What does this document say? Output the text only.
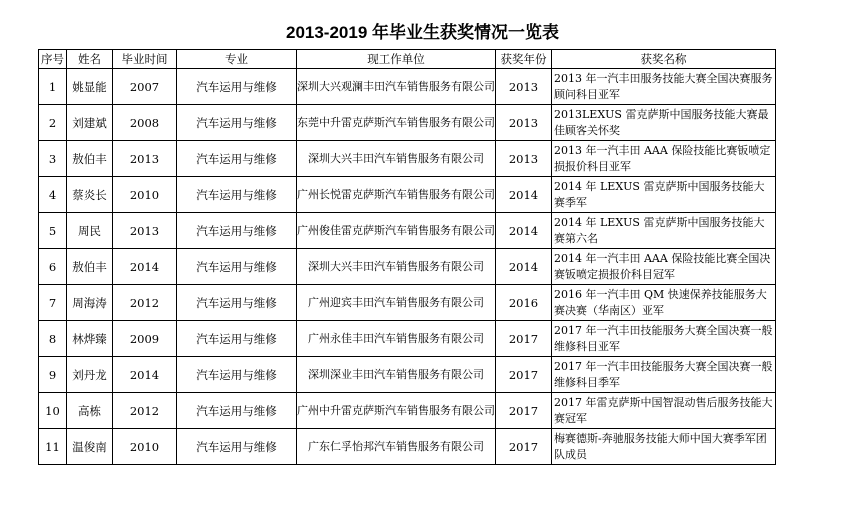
2013-2019 年毕业生获奖情况一览表
序号	姓名	毕业时间	专业	现工作单位	获奖年份	获奖名称
1	姚显能	2007	汽车运用与维修	深圳大兴观澜丰田汽车销售服务有限公司	2013	2013 年一汽丰田服务技能大赛全国决赛服务顾问科目亚军
2	刘建斌	2008	汽车运用与维修	东莞中升雷克萨斯汽车销售服务有限公司	2013	2013LEXUS 雷克萨斯中国服务技能大赛最佳顾客关怀奖
3	敖伯丰	2013	汽车运用与维修	深圳大兴丰田汽车销售服务有限公司	2013	2013 年一汽丰田 AAA 保险技能比赛钣喷定损报价科目亚军
4	蔡炎长	2010	汽车运用与维修	广州长悦雷克萨斯汽车销售服务有限公司	2014	2014 年 LEXUS 雷克萨斯中国服务技能大赛季军
5	周民	2013	汽车运用与维修	广州俊佳雷克萨斯汽车销售服务有限公司	2014	2014 年 LEXUS 雷克萨斯中国服务技能大赛第六名
6	敖伯丰	2014	汽车运用与维修	深圳大兴丰田汽车销售服务有限公司	2014	2014 年一汽丰田 AAA 保险技能比赛全国决赛钣喷定损报价科目冠军
7	周海涛	2012	汽车运用与维修	广州迎宾丰田汽车销售服务有限公司	2016	2016 年一汽丰田 QM 快速保养技能服务大赛决赛（华南区）亚军
8	林烨臻	2009	汽车运用与维修	广州永佳丰田汽车销售服务有限公司	2017	2017 年一汽丰田技能服务大赛全国决赛一般维修科目亚军
9	刘丹龙	2014	汽车运用与维修	深圳深业丰田汽车销售服务有限公司	2017	2017 年一汽丰田技能服务大赛全国决赛一般维修科目季军
10	高栋	2012	汽车运用与维修	广州中升雷克萨斯汽车销售服务有限公司	2017	2017 年雷克萨斯中国智混动售后服务技能大赛冠军
11	温俊南	2010	汽车运用与维修	广东仁孚怡邦汽车销售服务有限公司	2017	梅赛德斯-奔驰服务技能大师中国大赛季军团队成员
